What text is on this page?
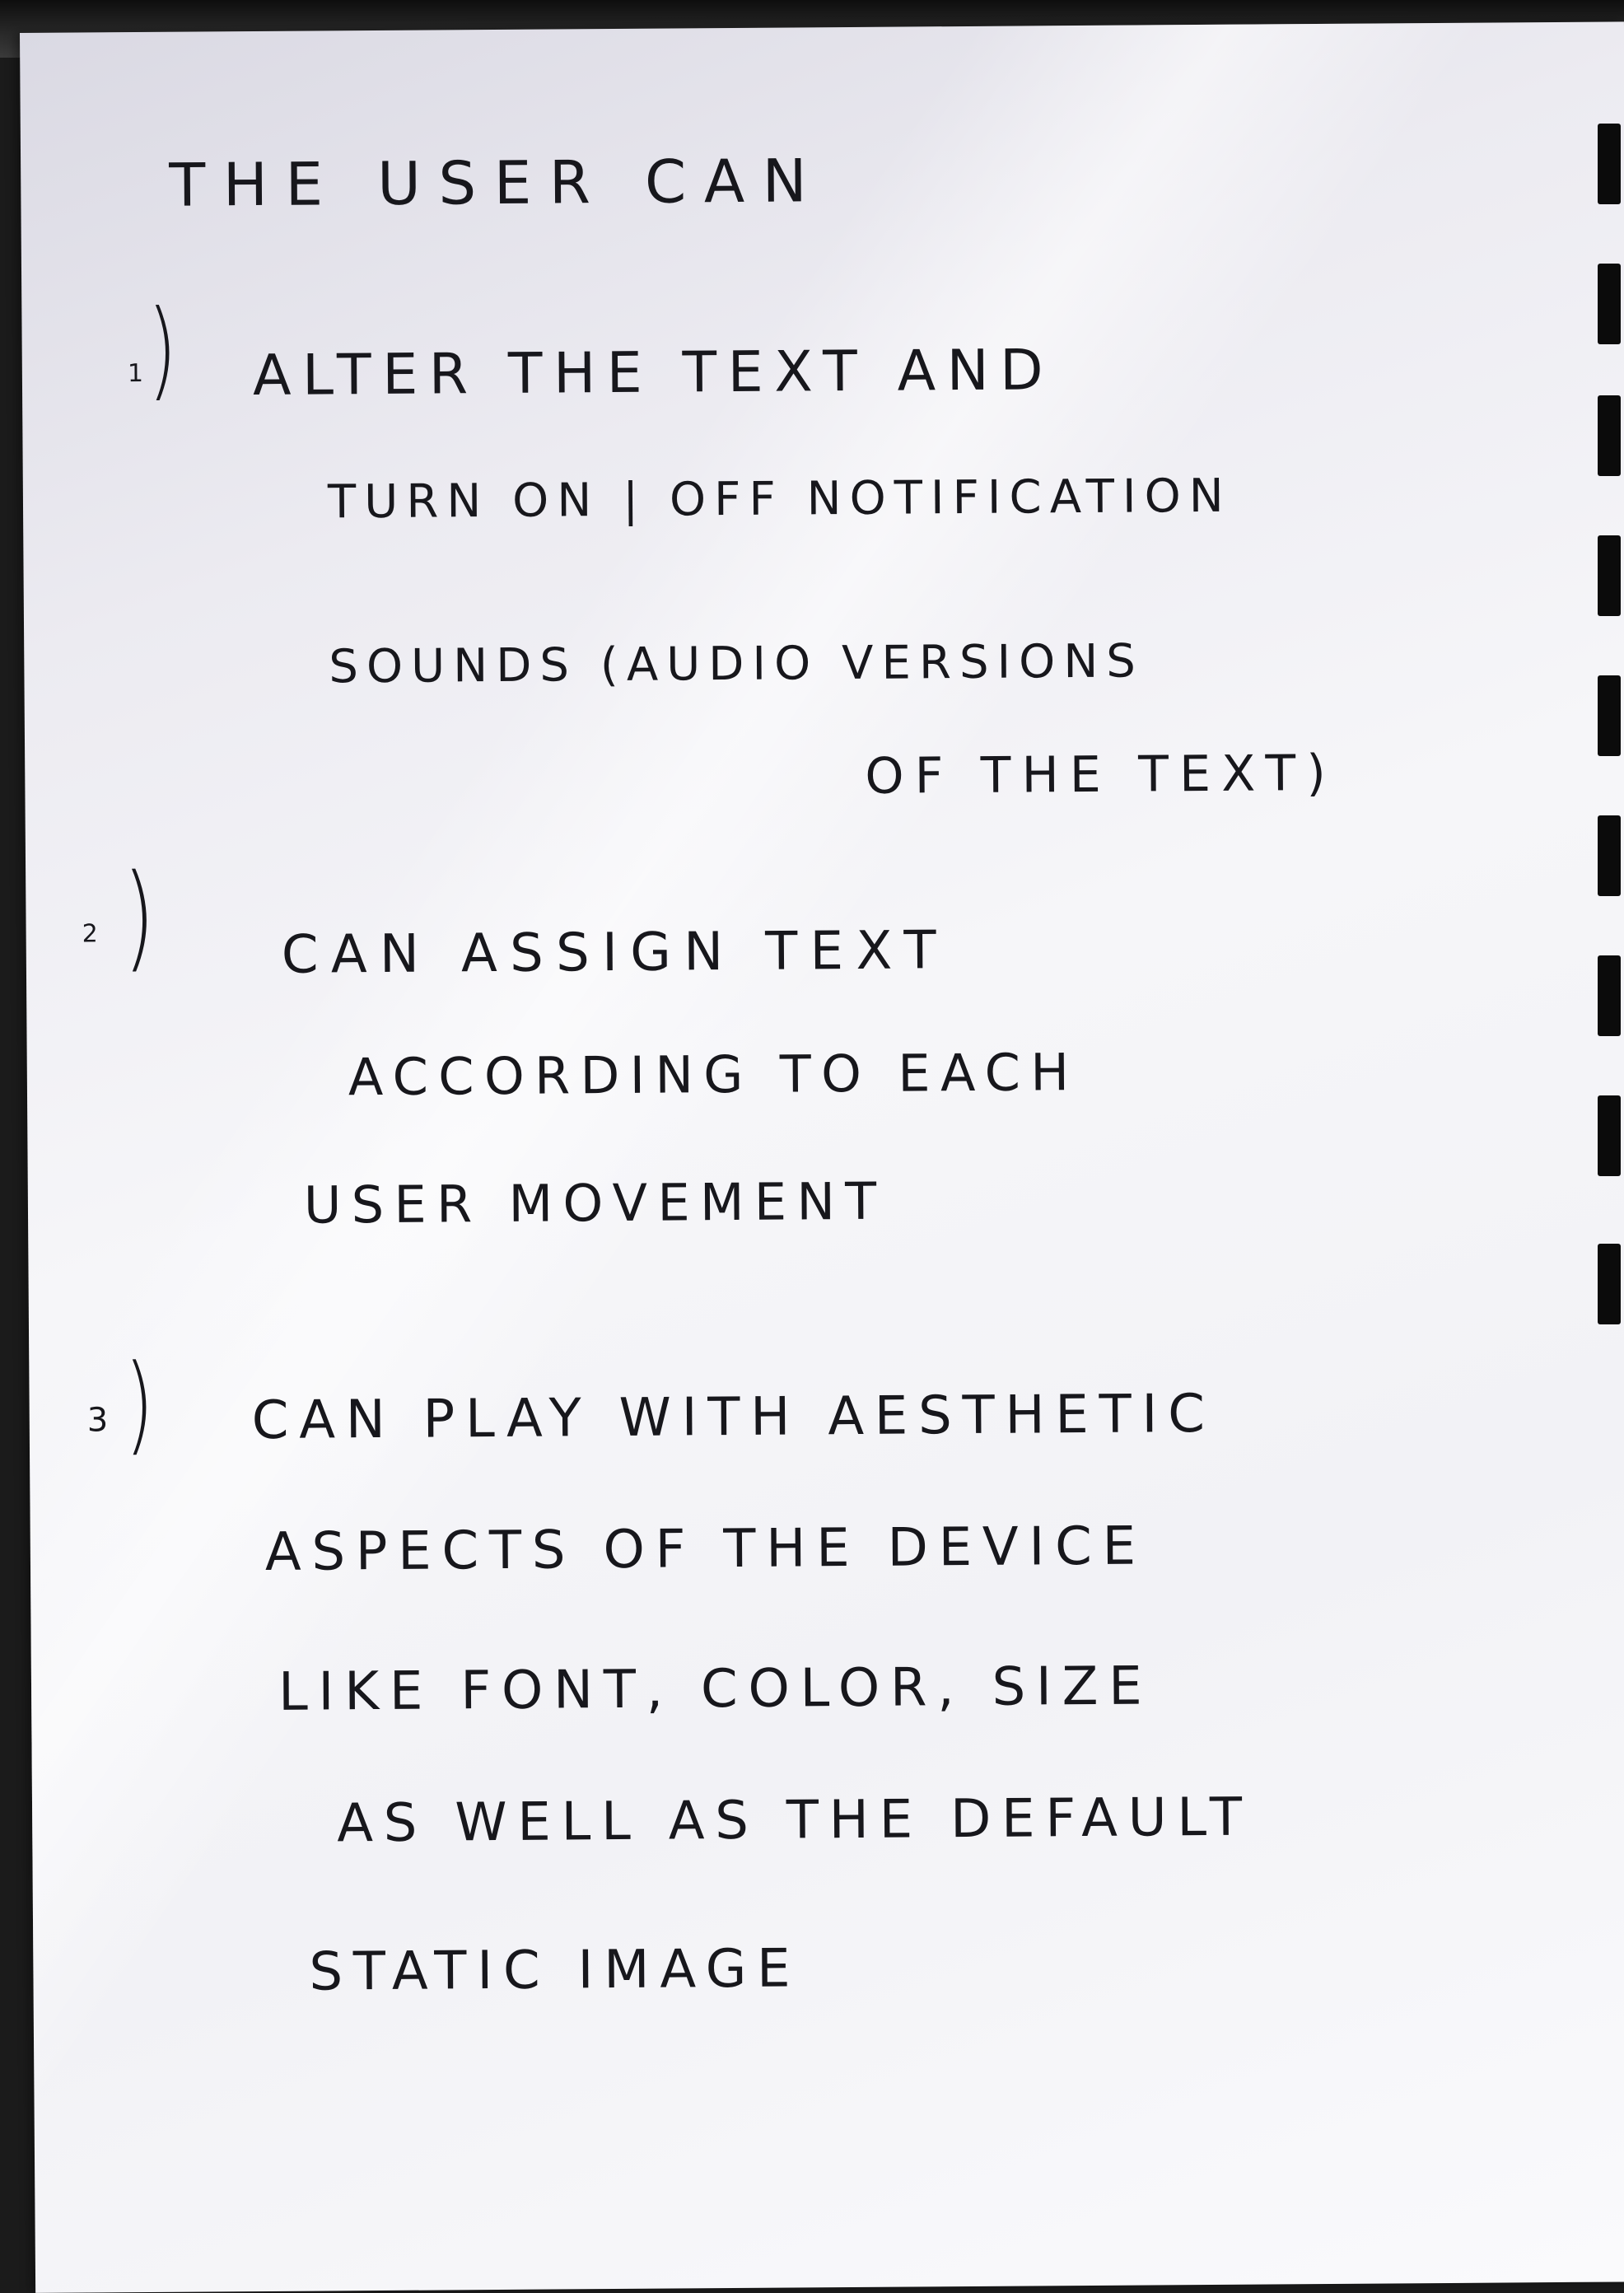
THE USER CAN

1 ) ALTER THE TEXT AND

TURN ON | OFF NOTIFICATION

SOUNDS (AUDIO VERSIONS

OF THE TEXT)

2 ) CAN ASSIGN TEXT

ACCORDING TO EACH

USER MOVEMENT

3 ) CAN PLAY WITH AESTHETIC

ASPECTS OF THE DEVICE

LIKE FONT, COLOR, SIZE

AS WELL AS THE DEFAULT

STATIC IMAGE
